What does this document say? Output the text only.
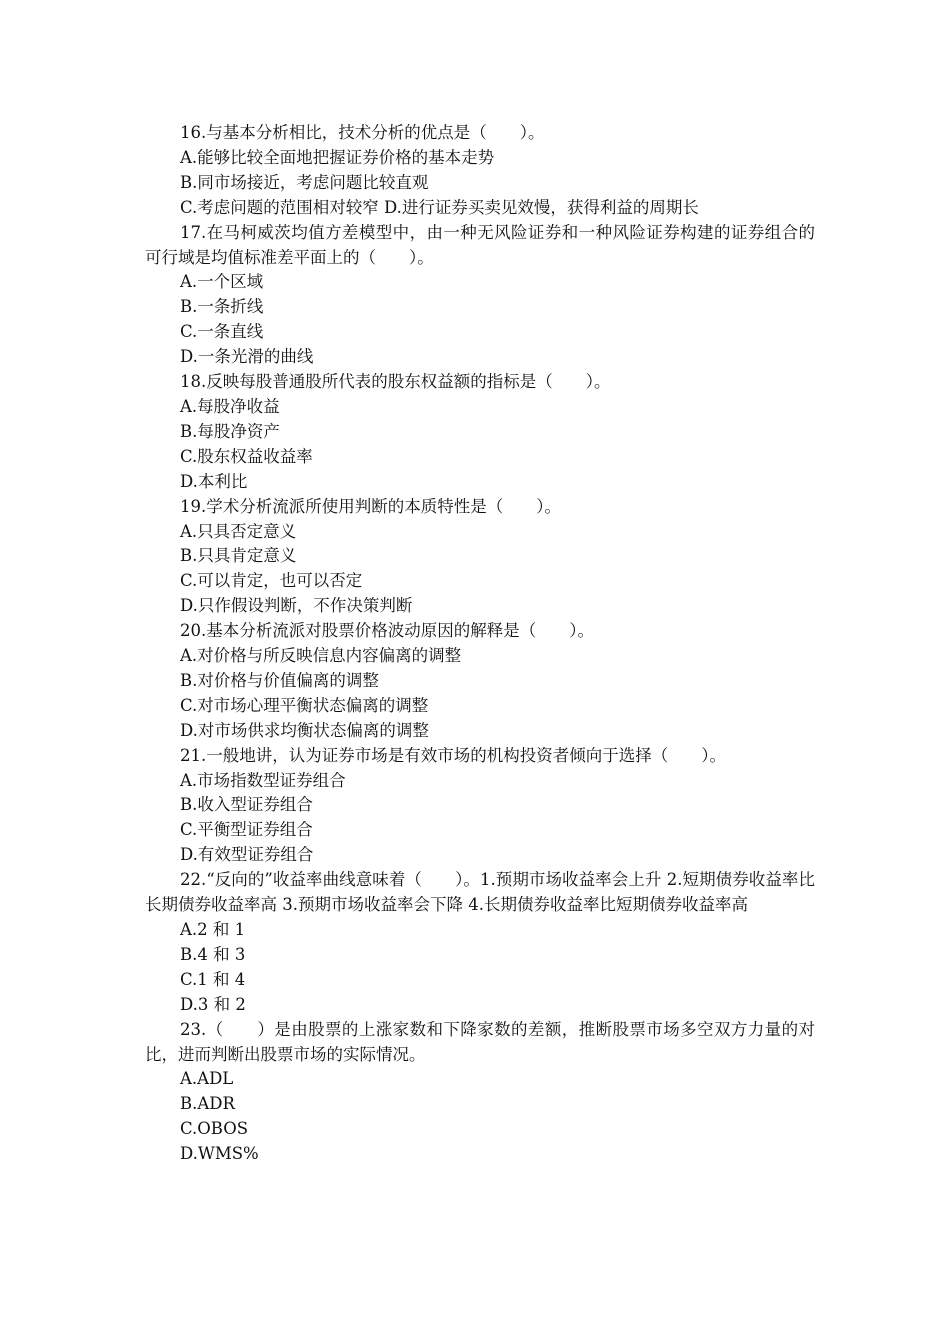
16.与基本分析相比，技术分析的优点是（　　）。
A.能够比较全面地把握证券价格的基本走势
B.同市场接近，考虑问题比较直观
C.考虑问题的范围相对较窄 D.进行证券买卖见效慢，获得利益的周期长
17.在马柯威茨均值方差模型中，由一种无风险证券和一种风险证券构建的证券组合的可行域是均值标准差平面上的（　　）。
A.一个区域
B.一条折线
C.一条直线
D.一条光滑的曲线
18.反映每股普通股所代表的股东权益额的指标是（　　）。
A.每股净收益
B.每股净资产
C.股东权益收益率
D.本利比
19.学术分析流派所使用判断的本质特性是（　　）。
A.只具否定意义
B.只具肯定意义
C.可以肯定，也可以否定
D.只作假设判断，不作决策判断
20.基本分析流派对股票价格波动原因的解释是（　　）。
A.对价格与所反映信息内容偏离的调整
B.对价格与价值偏离的调整
C.对市场心理平衡状态偏离的调整
D.对市场供求均衡状态偏离的调整
21.一般地讲，认为证券市场是有效市场的机构投资者倾向于选择（　　）。
A.市场指数型证券组合
B.收入型证券组合
C.平衡型证券组合
D.有效型证券组合
22.“反向的”收益率曲线意味着（　　）。1.预期市场收益率会上升 2.短期债券收益率比长期债券收益率高 3.预期市场收益率会下降 4.长期债券收益率比短期债券收益率高
A.2 和 1
B.4 和 3
C.1 和 4
D.3 和 2
23.（　　）是由股票的上涨家数和下降家数的差额，推断股票市场多空双方力量的对比，进而判断出股票市场的实际情况。
A.ADL
B.ADR
C.OBOS
D.WMS%
